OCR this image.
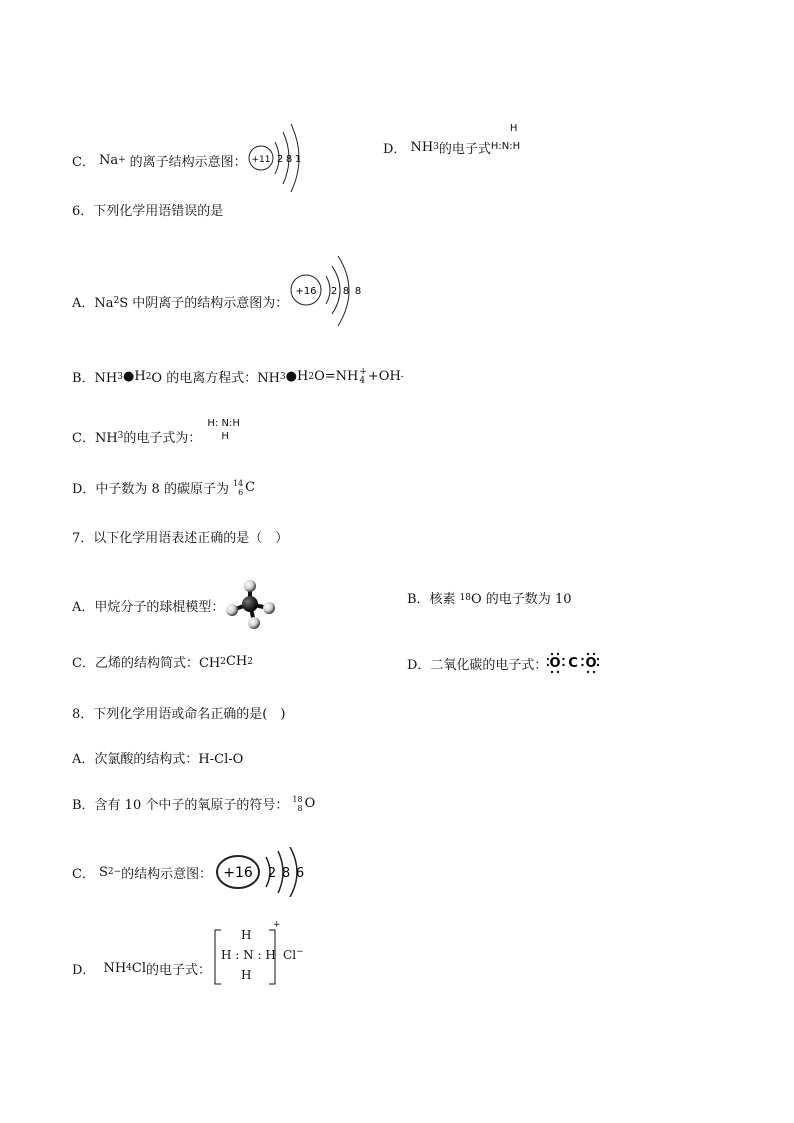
C． Na + 的离子结构示意图： +11 2 8 1
D． NH 3 的电子式
H
H:N:H
6．下列化学用语错误的是
A．Na 2 S 中阴离子的结构示意图为：
+16 2 8 8
B．NH 3 ●H 2 O 的电离方程式：NH 3 ●H 2 O=NH +
4 +OH -
C．NH 3 的电子式为：
H: N:H
H
D．中子数为 8 的碳原子为 14
6 C
7．以下化学用语表述正确的是（　）
A．甲烷分子的球棍模型：	B．核素 18 O 的电子数为 10
C．乙烯的结构简式：CH 2 CH 2	D．二氧化碳的电子式： O C O
8．下列化学用语或命名正确的是(　)
A．次氯酸的结构式：H-Cl-O
B．含有 10 个中子的氧原子的符号： 18
8 O
C． S 2− 的结构示意图： +16 2 8 6
D． NH 4 Cl 的电子式：
H
H : N : H
H
+
Cl−
